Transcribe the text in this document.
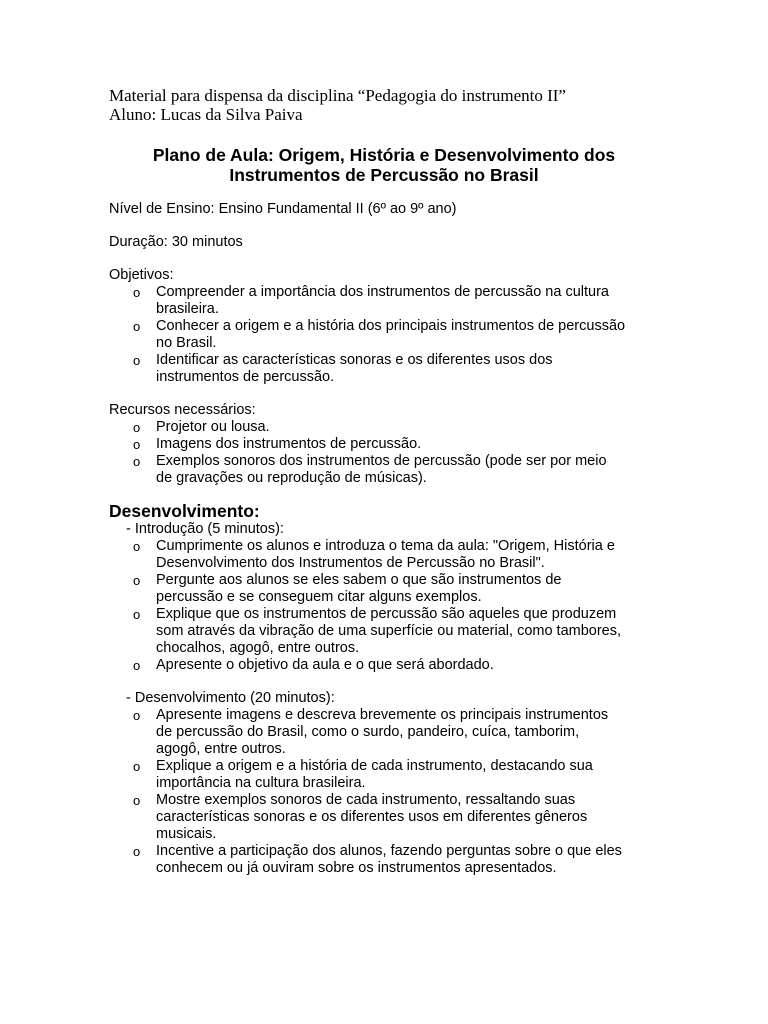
Material para dispensa da disciplina “Pedagogia do instrumento II”
Aluno: Lucas da Silva Paiva
Plano de Aula: Origem, História e Desenvolvimento dos
Instrumentos de Percussão no Brasil

Nível de Ensino: Ensino Fundamental II (6º ao 9º ano)

Duração: 30 minutos

Objetivos:

o Compreender a importância dos instrumentos de percussão na cultura
brasileira.
o Conhecer a origem e a história dos principais instrumentos de percussão
no Brasil.
o Identificar as características sonoras e os diferentes usos dos
instrumentos de percussão.

Recursos necessários:

o Projetor ou lousa.
o Imagens dos instrumentos de percussão.
o Exemplos sonoros dos instrumentos de percussão (pode ser por meio
de gravações ou reprodução de músicas).
Desenvolvimento:
- Introdução (5 minutos):
o Cumprimente os alunos e introduza o tema da aula: "Origem, História e
Desenvolvimento dos Instrumentos de Percussão no Brasil".
o Pergunte aos alunos se eles sabem o que são instrumentos de
percussão e se conseguem citar alguns exemplos.
o Explique que os instrumentos de percussão são aqueles que produzem
som através da vibração de uma superfície ou material, como tambores,
chocalhos, agogô, entre outros.
o Apresente o objetivo da aula e o que será abordado.
- Desenvolvimento (20 minutos):
o Apresente imagens e descreva brevemente os principais instrumentos
de percussão do Brasil, como o surdo, pandeiro, cuíca, tamborim,
agogô, entre outros.
o Explique a origem e a história de cada instrumento, destacando sua
importância na cultura brasileira.
o Mostre exemplos sonoros de cada instrumento, ressaltando suas
características sonoras e os diferentes usos em diferentes gêneros
musicais.
o Incentive a participação dos alunos, fazendo perguntas sobre o que eles
conhecem ou já ouviram sobre os instrumentos apresentados.
